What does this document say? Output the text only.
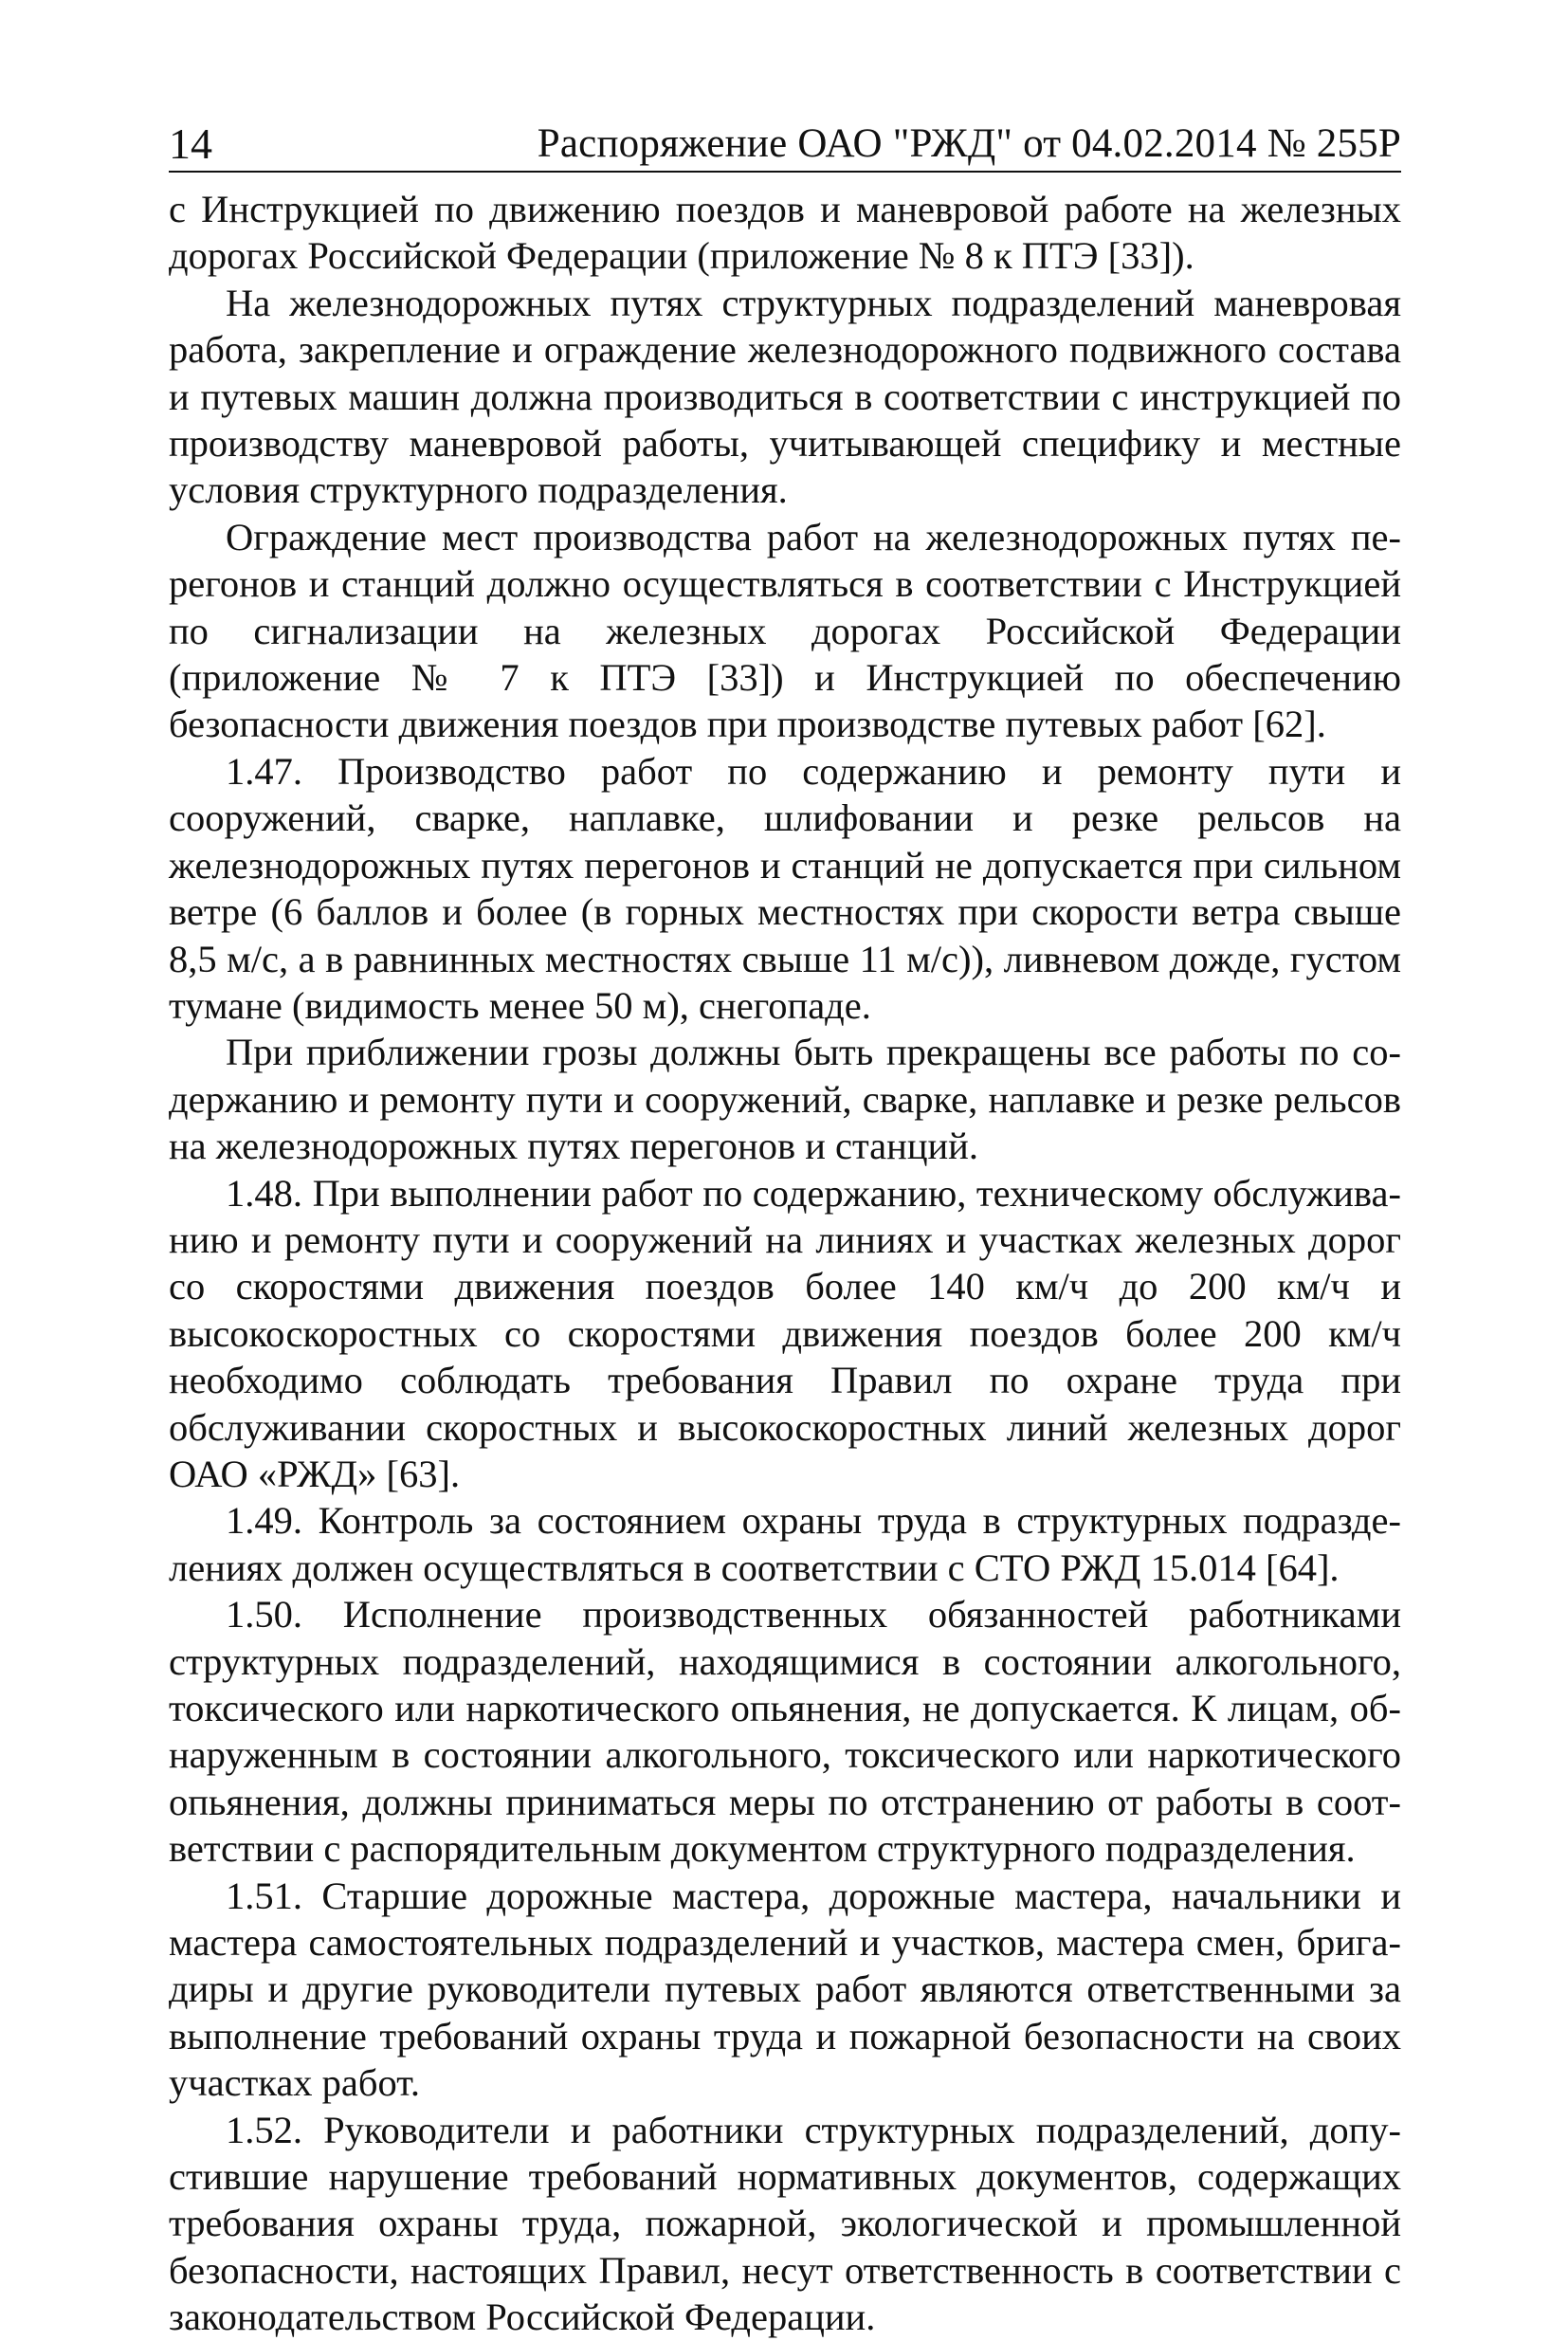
14	Распоряжение ОАО "РЖД" от 04.02.2014 № 255Р

с Инструкцией по движению поездов и маневровой работе на железных дорогах Российской Федерации (приложение № 8 к ПТЭ [33]).

На железнодорожных путях структурных подразделений маневровая работа, закрепление и ограждение железнодорожного подвижного состава и путевых машин должна производиться в соответствии с инструкцией по производству маневровой работы, учитывающей специфику и местные условия структурного подразделения.

Ограждение мест производства работ на железнодорожных путях перегонов и станций должно осуществляться в соответствии с Инструкцией по сигнализации на железных дорогах Российской Федерации (приложение № 7 к ПТЭ [33]) и Инструкцией по обеспечению безопасности движения поездов при производстве путевых работ [62].

1.47. Производство работ по содержанию и ремонту пути и сооружений, сварке, наплавке, шлифовании и резке рельсов на железнодорожных путях перегонов и станций не допускается при сильном ветре (6 баллов и более (в горных местностях при скорости ветра свыше 8,5 м/с, а в равнинных местностях свыше 11 м/с)), ливневом дожде, густом тумане (видимость менее 50 м), снегопаде.

При приближении грозы должны быть прекращены все работы по содержанию и ремонту пути и сооружений, сварке, наплавке и резке рельсов на железнодорожных путях перегонов и станций.

1.48. При выполнении работ по содержанию, техническому обслуживанию и ремонту пути и сооружений на линиях и участках железных дорог со скоростями движения поездов более 140 км/ч до 200 км/ч и высокоскоростных со скоростями движения поездов более 200 км/ч необходимо соблюдать требования Правил по охране труда при обслуживании скоростных и высокоскоростных линий железных дорог ОАО «РЖД» [63].

1.49. Контроль за состоянием охраны труда в структурных подразделениях должен осуществляться в соответствии с СТО РЖД 15.014 [64].

1.50. Исполнение производственных обязанностей работниками структурных подразделений, находящимися в состоянии алкогольного, токсического или наркотического опьянения, не допускается. К лицам, обнаруженным в состоянии алкогольного, токсического или наркотического опьянения, должны приниматься меры по отстранению от работы в соответствии с распорядительным документом структурного подразделения.

1.51. Старшие дорожные мастера, дорожные мастера, начальники и мастера самостоятельных подразделений и участков, мастера смен, бригадиры и другие руководители путевых работ являются ответственными за выполнение требований охраны труда и пожарной безопасности на своих участках работ.

1.52. Руководители и работники структурных подразделений, допустившие нарушение требований нормативных документов, содержащих требования охраны труда, пожарной, экологической и промышленной безопасности, настоящих Правил, несут ответственность в соответствии с законодательством Российской Федерации.
